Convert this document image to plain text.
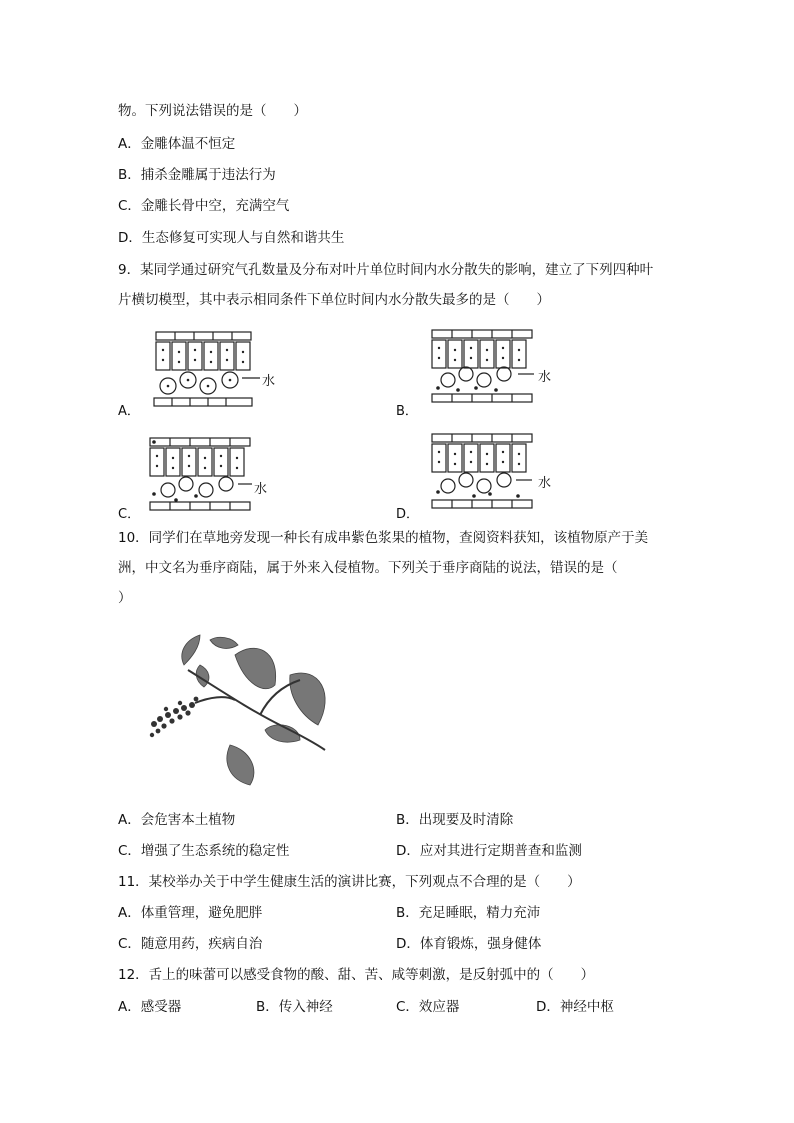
物。下列说法错误的是（　　）
A．金雕体温不恒定
B．捕杀金雕属于违法行为
C．金雕长骨中空，充满空气
D．生态修复可实现人与自然和谐共生
9．某同学通过研究气孔数量及分布对叶片单位时间内水分散失的影响，建立了下列四种叶
片横切模型，其中表示相同条件下单位时间内水分散失最多的是（　　）
A．
水
B．
水
C．
水
D．
水
10．同学们在草地旁发现一种长有成串紫色浆果的植物，查阅资料获知，该植物原产于美
洲，中文名为垂序商陆，属于外来入侵植物。下列关于垂序商陆的说法，错误的是（
）
A．会危害本土植物	B．出现要及时清除
C．增强了生态系统的稳定性	D．应对其进行定期普查和监测
11．某校举办关于中学生健康生活的演讲比赛，下列观点不合理的是（　　）
A．体重管理，避免肥胖	B．充足睡眠，精力充沛
C．随意用药，疾病自治	D．体育锻炼，强身健体
12．舌上的味蕾可以感受食物的酸、甜、苦、咸等刺激，是反射弧中的（　　）
A．感受器	B．传入神经	C．效应器	D．神经中枢
